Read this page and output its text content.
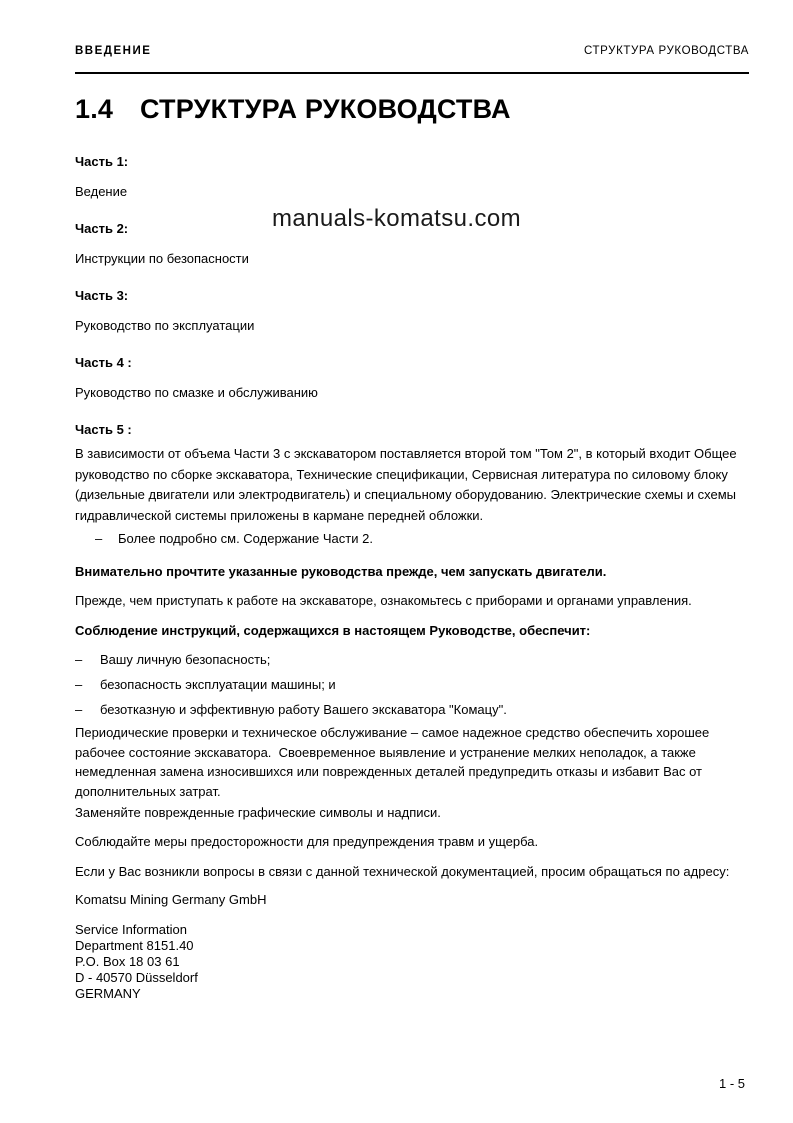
manuals-komatsu.com
ВВЕДЕНИЕ	СТРУКТУРА РУКОВОДСТВА
1.4 СТРУКТУРА РУКОВОДСТВА
Часть 1:
Ведение
Часть 2:
Инструкции по безопасности
Часть 3:
Руководство по эксплуатации
Часть 4 :
Руководство по смазке и обслуживанию
Часть 5 :

В зависимости от объема Части 3 с экскаватором поставляется второй том "Том 2", в который входит Общее руководство по сборке экскаватора, Технические спецификации, Сервисная литература по силовому блоку (дизельные двигатели или электродвигатель) и специальному оборудованию. Электрические схемы и схемы гидравлической системы приложены в кармане передней обложки.

–	Более подробно см. Содержание Части 2.

Внимательно прочтите указанные руководства прежде, чем запускать двигатели.

Прежде, чем приступать к работе на экскаваторе, ознакомьтесь с приборами и органами управления.

Соблюдение инструкций, содержащихся в настоящем Руководстве, обеспечит:

–	Вашу личную безопасность;
–	безопасность эксплуатации машины; и
–	безотказную и эффективную работу Вашего экскаватора "Комацу".

Периодические проверки и техническое обслуживание – самое надежное средство обеспечить хорошее рабочее состояние экскаватора.  Своевременное выявление и устранение мелких неполадок, а также немедленная замена износившихся или поврежденных деталей предупредить отказы и избавит Вас от дополнительных затрат.

Заменяйте поврежденные графические символы и надписи.

Соблюдайте меры предосторожности для предупреждения травм и ущерба.

Если у Вас возникли вопросы в связи с данной технической документацией, просим обращаться по адресу:

Komatsu Mining Germany GmbH

Service Information
Department 8151.40
P.O. Box 18 03 61
D - 40570 Düsseldorf
GERMANY
1 - 5
